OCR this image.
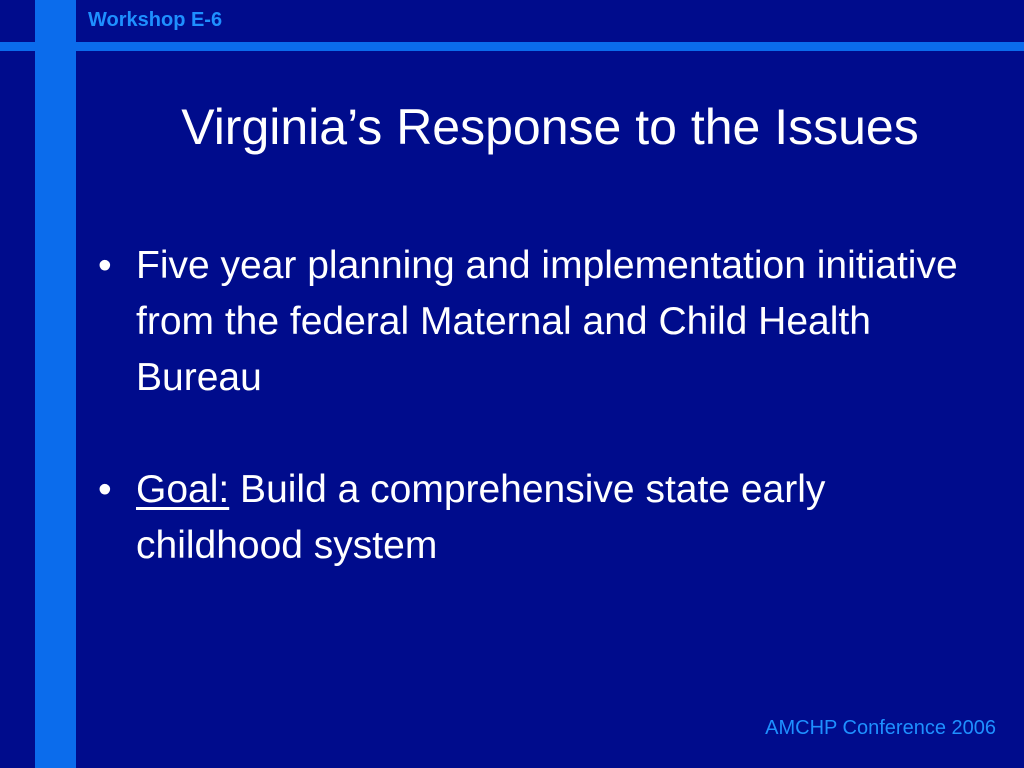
Workshop E-6
Virginia’s Response to the Issues
• Five year planning and implementation initiative from the federal Maternal and Child Health Bureau
• Goal: Build a comprehensive state early childhood system
AMCHP Conference 2006
